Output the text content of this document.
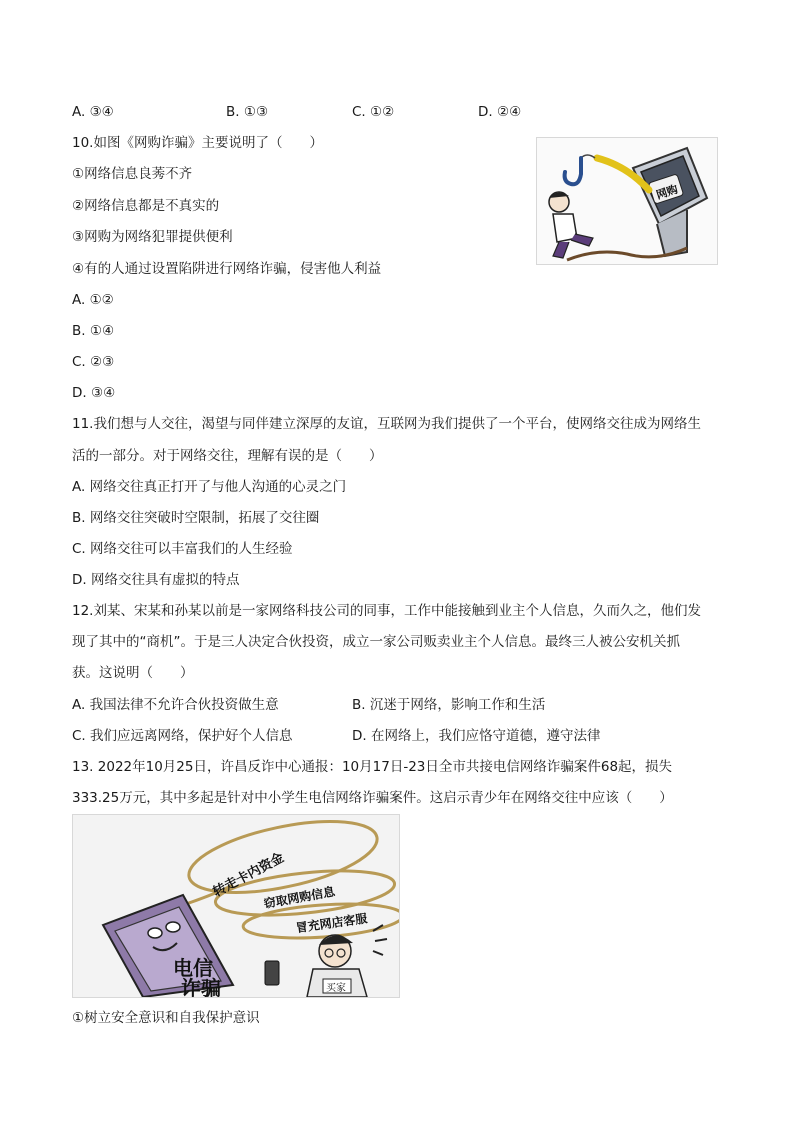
A. ③④	B. ①③	C. ①②	D. ②④
10.如图《网购诈骗》主要说明了（　　）
①网络信息良莠不齐
②网络信息都是不真实的
③网购为网络犯罪提供便利
④有的人通过设置陷阱进行网络诈骗，侵害他人利益
A. ①②
B. ①④
C. ②③
D. ③④
网购
11.我们想与人交往，渴望与同伴建立深厚的友谊，互联网为我们提供了一个平台，使网络交往成为网络生
活的一部分。对于网络交往，理解有误的是（　　）
A. 网络交往真正打开了与他人沟通的心灵之门
B. 网络交往突破时空限制，拓展了交往圈
C. 网络交往可以丰富我们的人生经验
D. 网络交往具有虚拟的特点
12.刘某、宋某和孙某以前是一家网络科技公司的同事，工作中能接触到业主个人信息，久而久之，他们发
现了其中的“商机”。于是三人决定合伙投资，成立一家公司贩卖业主个人信息。最终三人被公安机关抓
获。这说明（　　）
A. 我国法律不允许合伙投资做生意	B. 沉迷于网络，影响工作和生活
C. 我们应远离网络，保护好个人信息	D. 在网络上，我们应恪守道德，遵守法律
13. 2022年10月25日，许昌反诈中心通报：10月17日-23日全市共接电信网络诈骗案件68起，损失
333.25万元，其中多起是针对中小学生电信网络诈骗案件。这启示青少年在网络交往中应该（　　）
转走卡内资金
窃取网购信息
冒充网店客服
电信
诈骗	买家
①树立安全意识和自我保护意识
